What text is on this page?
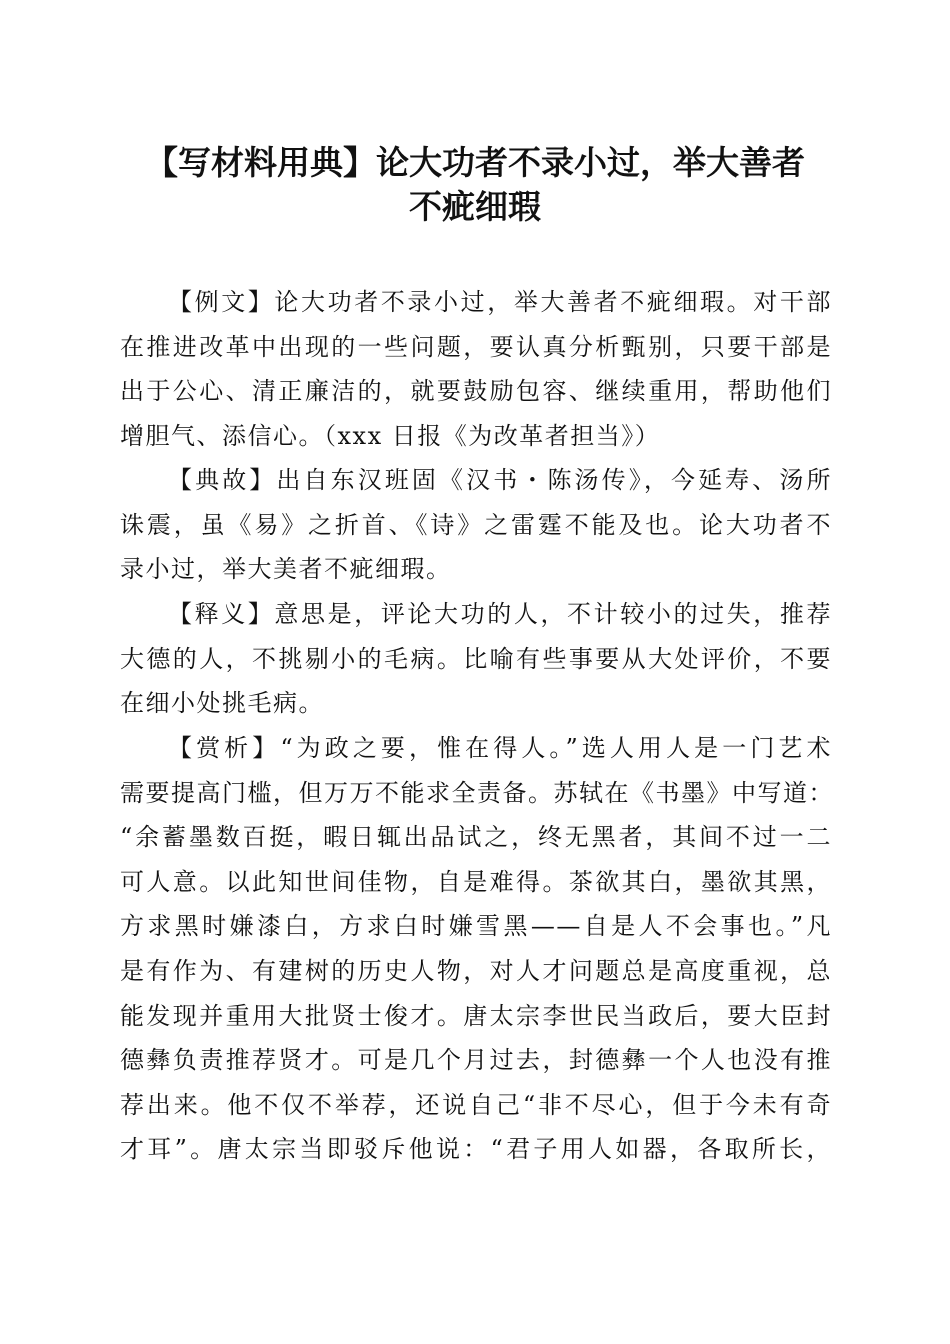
【写材料用典】论大功者不录小过，举大善者
不疵细瑕
【例文】论大功者不录小过，举大善者不疵细瑕。对干部
在推进改革中出现的一些问题，要认真分析甄别，只要干部是
出于公心、清正廉洁的，就要鼓励包容、继续重用，帮助他们
增胆气、添信心。（xxx 日报《为改革者担当》）
【典故】出自东汉班固《汉书・陈汤传》，今延寿、汤所
诛震，虽《易》之折首、《诗》之雷霆不能及也。论大功者不
录小过，举大美者不疵细瑕。
【释义】意思是，评论大功的人，不计较小的过失，推荐
大德的人，不挑剔小的毛病。比喻有些事要从大处评价，不要
在细小处挑毛病。
【赏析】“为政之要，惟在得人。”选人用人是一门艺术
需要提高门槛，但万万不能求全责备。苏轼在《书墨》中写道：
“余蓄墨数百挺，暇日辄出品试之，终无黑者，其间不过一二
可人意。以此知世间佳物，自是难得。茶欲其白，墨欲其黑，
方求黑时嫌漆白，方求白时嫌雪黑——自是人不会事也。”凡
是有作为、有建树的历史人物，对人才问题总是高度重视，总
能发现并重用大批贤士俊才。唐太宗李世民当政后，要大臣封
德彝负责推荐贤才。可是几个月过去，封德彝一个人也没有推
荐出来。他不仅不举荐，还说自己“非不尽心，但于今未有奇
才耳”。唐太宗当即驳斥他说：“君子用人如器，各取所长，
